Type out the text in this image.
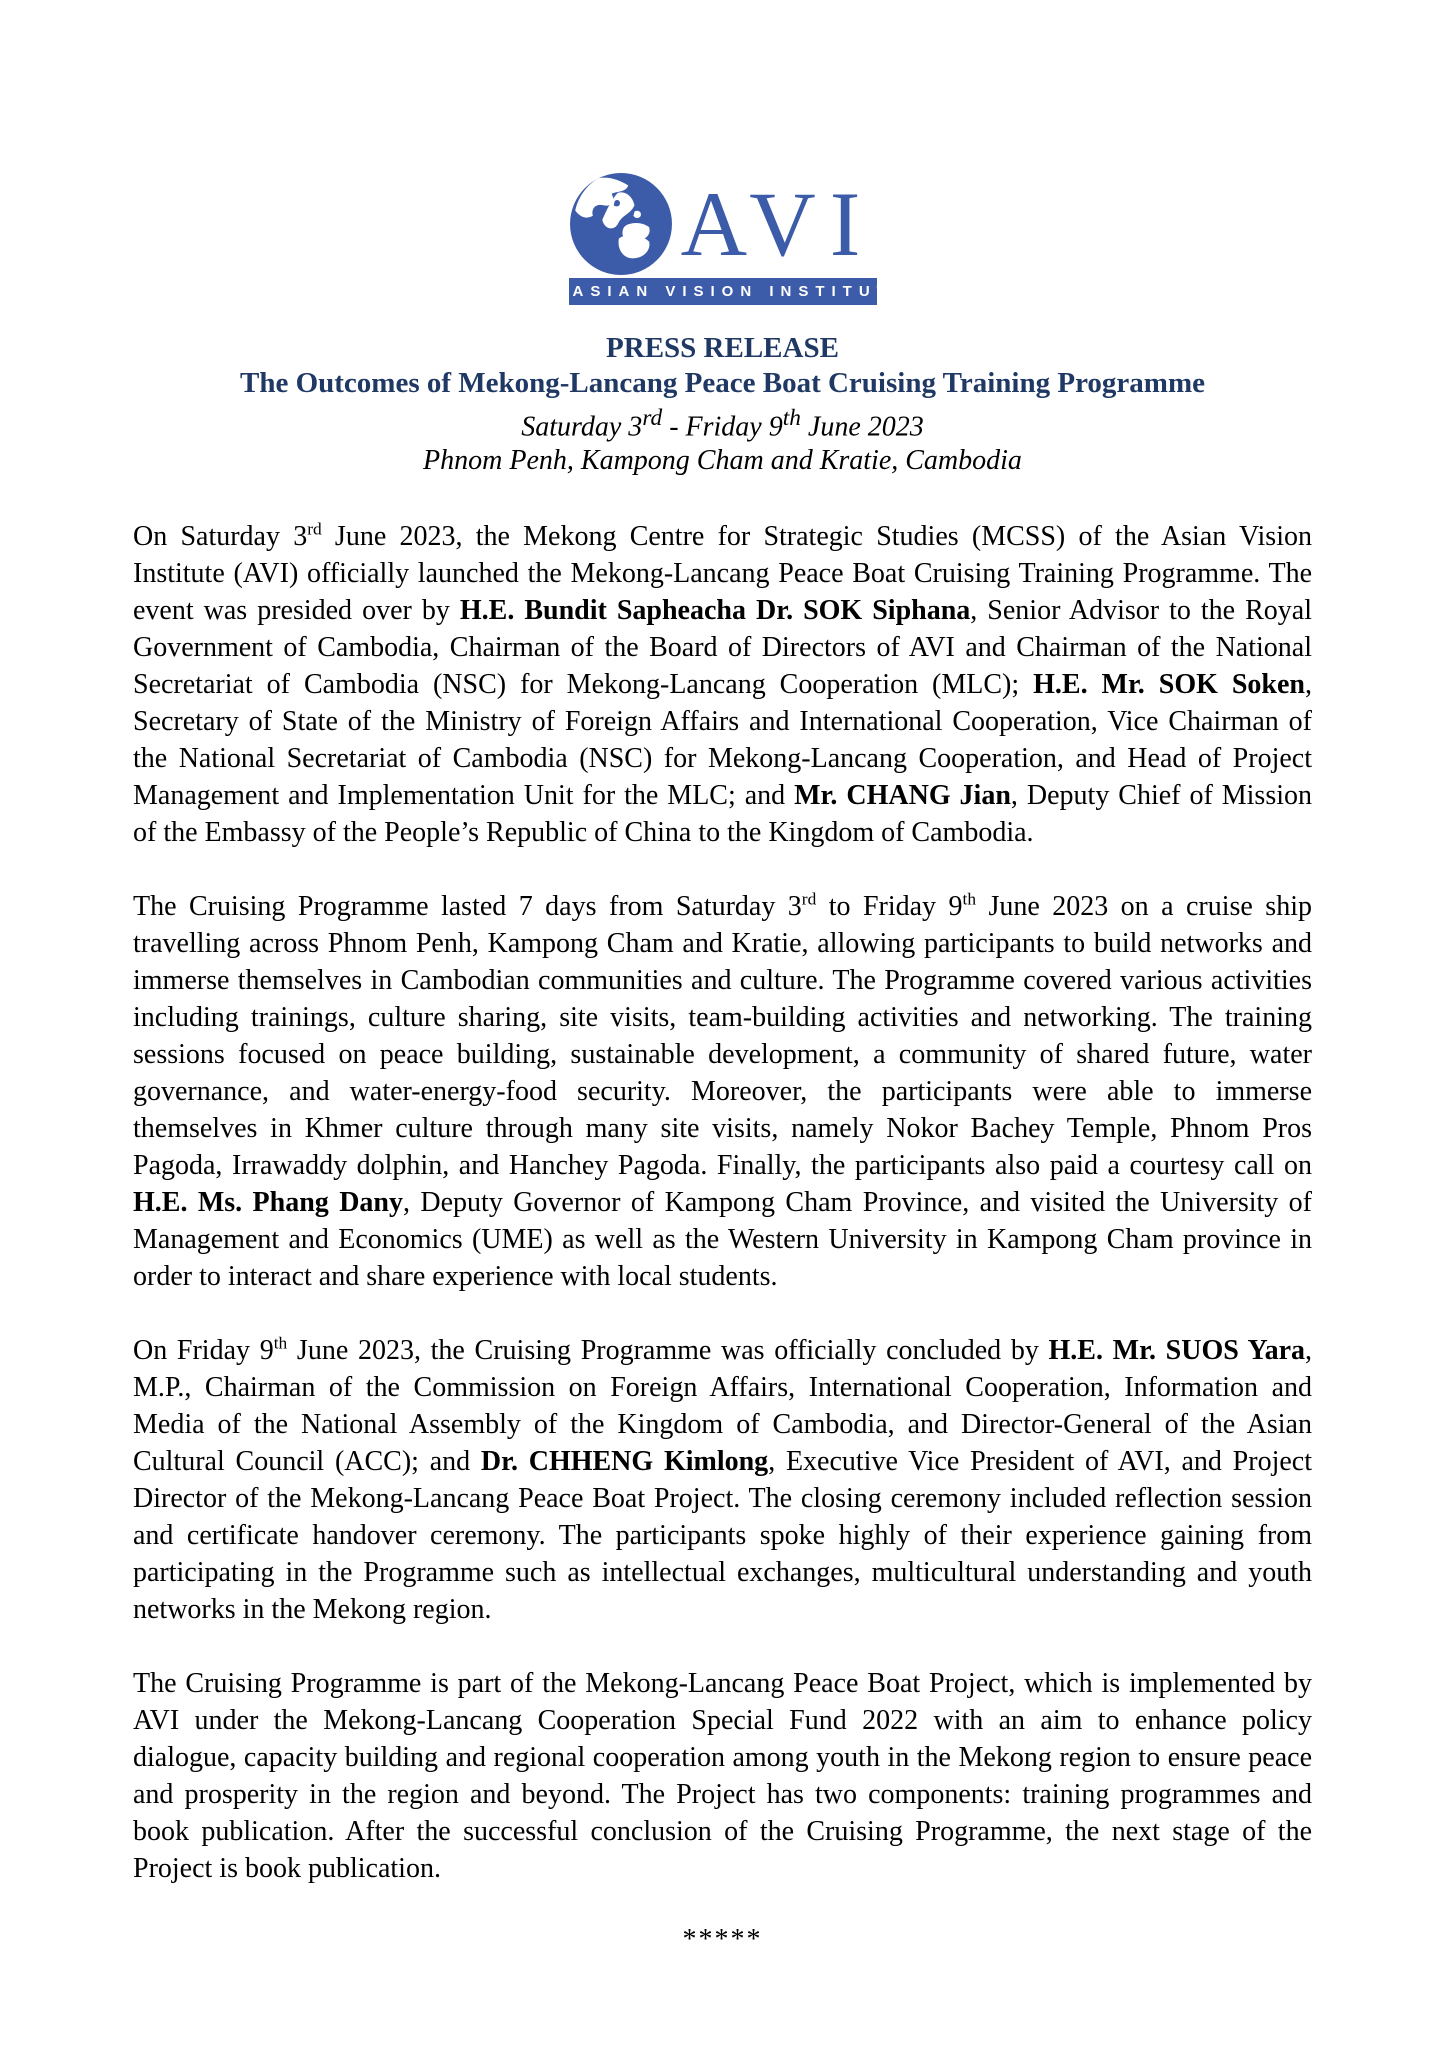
AVI
ASIAN VISION INSTITUTE
PRESS RELEASE
The Outcomes of Mekong-Lancang Peace Boat Cruising Training Programme
Saturday 3rd - Friday 9th June 2023
Phnom Penh, Kampong Cham and Kratie, Cambodia

On Saturday 3rd June 2023, the Mekong Centre for Strategic Studies (MCSS) of the Asian Vision Institute (AVI) officially launched the Mekong-Lancang Peace Boat Cruising Training Programme. The event was presided over by H.E. Bundit Sapheacha Dr. SOK Siphana, Senior Advisor to the Royal Government of Cambodia, Chairman of the Board of Directors of AVI and Chairman of the National Secretariat of Cambodia (NSC) for Mekong-Lancang Cooperation (MLC); H.E. Mr. SOK Soken, Secretary of State of the Ministry of Foreign Affairs and International Cooperation, Vice Chairman of the National Secretariat of Cambodia (NSC) for Mekong-Lancang Cooperation, and Head of Project Management and Implementation Unit for the MLC; and Mr. CHANG Jian, Deputy Chief of Mission of the Embassy of the People’s Republic of China to the Kingdom of Cambodia.

The Cruising Programme lasted 7 days from Saturday 3rd to Friday 9th June 2023 on a cruise ship travelling across Phnom Penh, Kampong Cham and Kratie, allowing participants to build networks and immerse themselves in Cambodian communities and culture. The Programme covered various activities including trainings, culture sharing, site visits, team-building activities and networking. The training sessions focused on peace building, sustainable development, a community of shared future, water governance, and water-energy-food security. Moreover, the participants were able to immerse themselves in Khmer culture through many site visits, namely Nokor Bachey Temple, Phnom Pros Pagoda, Irrawaddy dolphin, and Hanchey Pagoda. Finally, the participants also paid a courtesy call on H.E. Ms. Phang Dany, Deputy Governor of Kampong Cham Province, and visited the University of Management and Economics (UME) as well as the Western University in Kampong Cham province in order to interact and share experience with local students.

On Friday 9th June 2023, the Cruising Programme was officially concluded by H.E. Mr. SUOS Yara, M.P., Chairman of the Commission on Foreign Affairs, International Cooperation, Information and Media of the National Assembly of the Kingdom of Cambodia, and Director-General of the Asian Cultural Council (ACC); and Dr. CHHENG Kimlong, Executive Vice President of AVI, and Project Director of the Mekong-Lancang Peace Boat Project. The closing ceremony included reflection session and certificate handover ceremony. The participants spoke highly of their experience gaining from participating in the Programme such as intellectual exchanges, multicultural understanding and youth networks in the Mekong region.

The Cruising Programme is part of the Mekong-Lancang Peace Boat Project, which is implemented by AVI under the Mekong-Lancang Cooperation Special Fund 2022 with an aim to enhance policy dialogue, capacity building and regional cooperation among youth in the Mekong region to ensure peace and prosperity in the region and beyond. The Project has two components: training programmes and book publication. After the successful conclusion of the Cruising Programme, the next stage of the Project is book publication.

*****
